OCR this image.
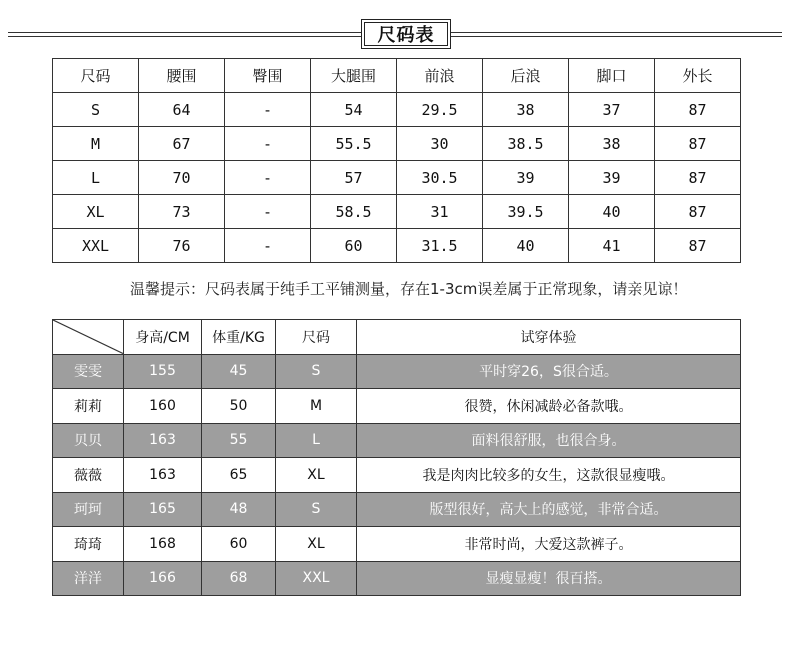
尺码表
尺码	腰围	臀围	大腿围	前浪	后浪	脚口	外长
S	64	-	54	29.5	38	37	87
M	67	-	55.5	30	38.5	38	87
L	70	-	57	30.5	39	39	87
XL	73	-	58.5	31	39.5	40	87
XXL	76	-	60	31.5	40	41	87
温馨提示：尺码表属于纯手工平铺测量，存在1-3cm误差属于正常现象，请亲见谅！
	身高/CM	体重/KG	尺码	试穿体验
雯雯	155	45	S	平时穿26，S很合适。
莉莉	160	50	M	很赞，休闲减龄必备款哦。
贝贝	163	55	L	面料很舒服，也很合身。
薇薇	163	65	XL	我是肉肉比较多的女生，这款很显瘦哦。
珂珂	165	48	S	版型很好，高大上的感觉，非常合适。
琦琦	168	60	XL	非常时尚，大爱这款裤子。
洋洋	166	68	XXL	显瘦显瘦！很百搭。
